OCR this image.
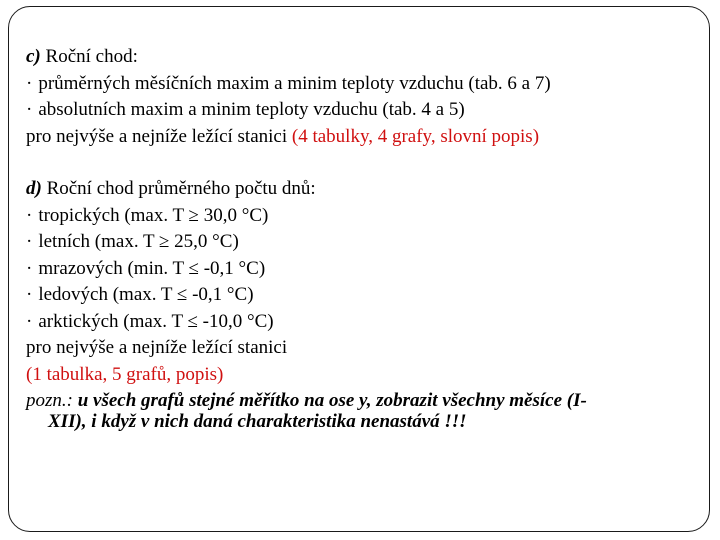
c) Roční chod:
· průměrných měsíčních maxim a minim teploty vzduchu (tab. 6 a 7)
· absolutních maxim a minim teploty vzduchu (tab. 4 a 5)
pro nejvýše a nejníže ležící stanici (4 tabulky, 4 grafy, slovní popis)
d) Roční chod průměrného počtu dnů:
· tropických (max. T ≥ 30,0 °C)
· letních (max. T ≥ 25,0 °C)
· mrazových (min. T ≤ -0,1 °C)
· ledových (max. T ≤ -0,1 °C)
· arktických (max. T ≤ -10,0 °C)
pro nejvýše a nejníže ležící stanici
(1 tabulka, 5 grafů, popis)
pozn.: u všech grafů stejné měřítko na ose y, zobrazit všechny měsíce (I-
XII), i když v nich daná charakteristika nenastává !!!
